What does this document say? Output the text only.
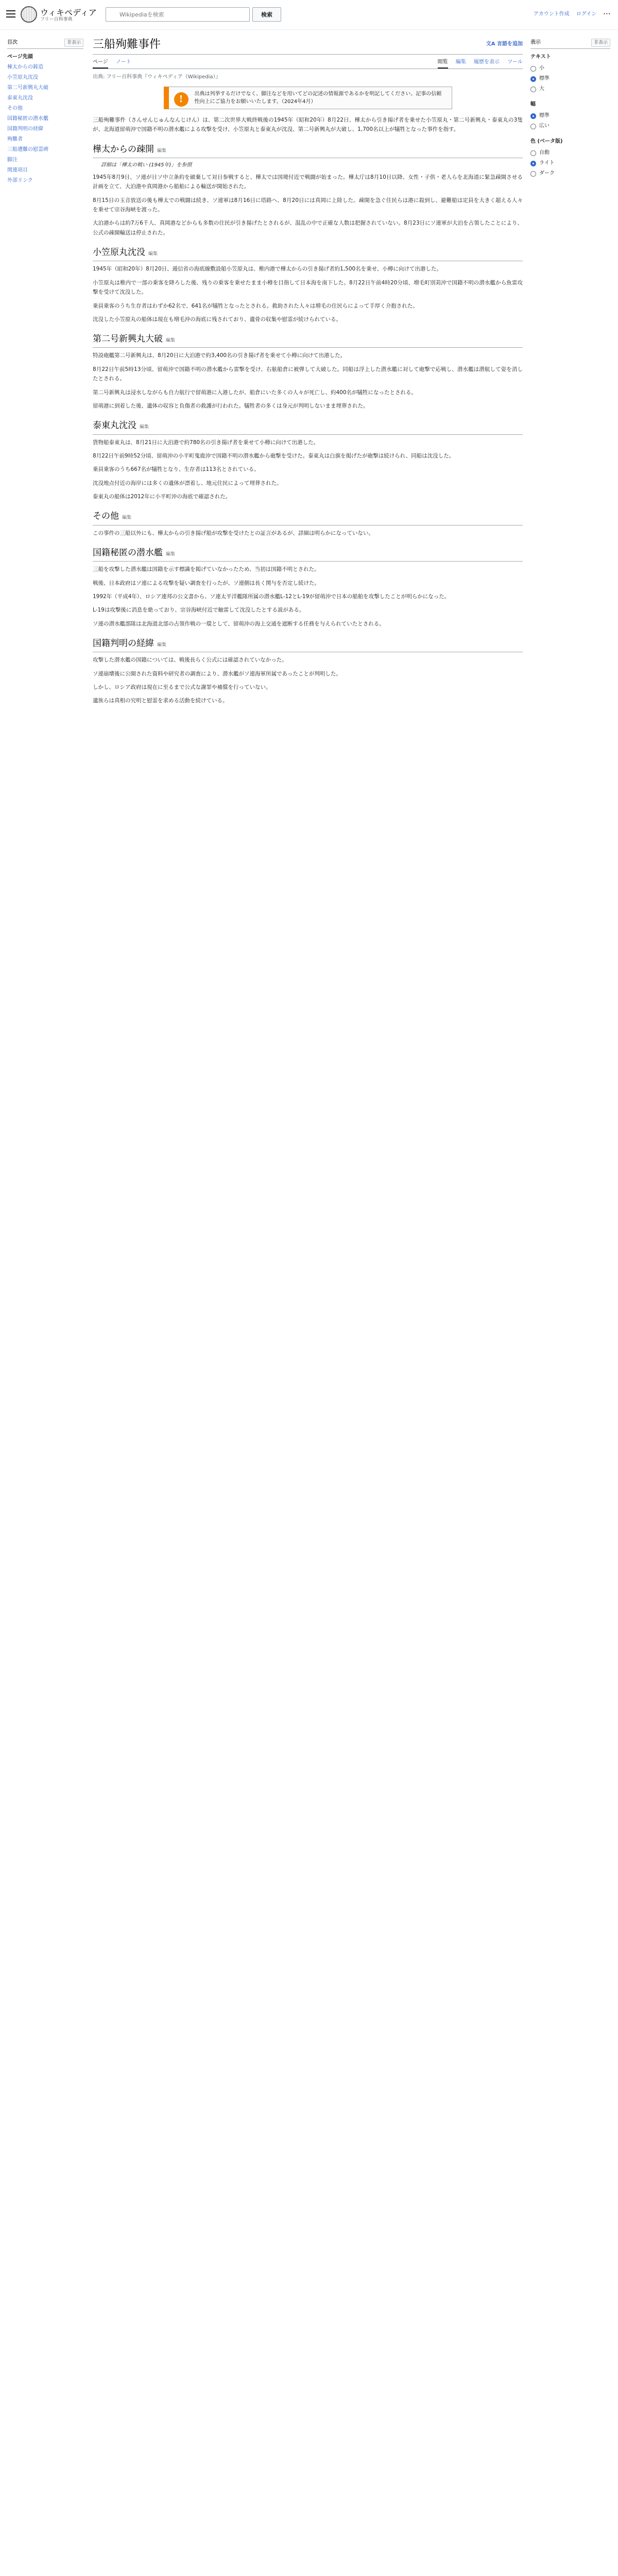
ウィキペディア
フリー百科事典
Wikipediaを検索
検索	アカウント作成 ログイン ···
目次	非表示
ページ先頭
棟太からの鋳造
小笠原丸沈没
第二号新興丸大破
泰東丸沈没
その他
国籍秘匿の潜水艦
国籍判明の経緯
殉難者
三船遭難の慰霊碑
脚注
関連項目
外部リンク
三船殉難事件	文A 言語を追加
ページ ノート	閲覧 編集 履歴を表示 ツール
出典: フリー百科事典『ウィキペディア（Wikipedia）』
!	出典は列挙するだけでなく、脚注などを用いてどの記述の情報源であるかを明記してください。記事の信頼性向上にご協力をお願いいたします。（2024年4月）

三船殉難事件（さんせんじゅんなんじけん）は、第二次世界大戦終戦後の1945年（昭和20年）8月22日、樺太から引き揚げ者を乗せた小笠原丸・第二号新興丸・泰東丸の3隻が、北海道留萌沖で国籍不明の潜水艦による攻撃を受け、小笠原丸と泰東丸が沈没、第二号新興丸が大破し、1,700名以上が犠牲となった事件を指す。

樺太からの疎開 編集
詳細は「樺太の戦い (1945年)」を参照

1945年8月9日、ソ連が日ソ中立条約を破棄して対日参戦すると、樺太では国境付近で戦闘が始まった。樺太庁は8月10日以降、女性・子供・老人らを北海道に緊急疎開させる計画を立て、大泊港や真岡港から船舶による輸送が開始された。

8月15日の玉音放送の後も樺太での戦闘は続き、ソ連軍は8月16日に塔路へ、8月20日には真岡に上陸した。疎開を急ぐ住民らは港に殺到し、避難船は定員を大きく超える人々を乗せて宗谷海峡を渡った。

大泊港からは約7万6千人、真岡港などからも多数の住民が引き揚げたとされるが、混乱の中で正確な人数は把握されていない。8月23日にソ連軍が大泊を占領したことにより、公式の疎開輸送は停止された。

小笠原丸沈没 編集

1945年（昭和20年）8月20日、逓信省の海底線敷設船小笠原丸は、稚内港で樺太からの引き揚げ者約1,500名を乗せ、小樽に向けて出港した。

小笠原丸は稚内で一部の乗客を降ろした後、残りの乗客を乗せたまま小樽を目指して日本海を南下した。8月22日午前4時20分頃、増毛町別苅沖で国籍不明の潜水艦から魚雷攻撃を受けて沈没した。

乗員乗客のうち生存者はわずか62名で、641名が犠牲となったとされる。救助された人々は増毛の住民らによって手厚く介抱された。

沈没した小笠原丸の船体は現在も増毛沖の海底に残されており、遺骨の収集や慰霊が続けられている。

第二号新興丸大破 編集

特設砲艦第二号新興丸は、8月20日に大泊港で約3,400名の引き揚げ者を乗せて小樽に向けて出港した。

8月22日午前5時13分頃、留萌沖で国籍不明の潜水艦から雷撃を受け、右舷船倉に被弾して大破した。同船は浮上した潜水艦に対して砲撃で応戦し、潜水艦は潜航して姿を消したとされる。

第二号新興丸は浸水しながらも自力航行で留萌港に入港したが、船倉にいた多くの人々が死亡し、約400名が犠牲になったとされる。

留萌港に到着した後、遺体の収容と負傷者の救護が行われた。犠牲者の多くは身元が判明しないまま埋葬された。

泰東丸沈没 編集

貨物船泰東丸は、8月21日に大泊港で約780名の引き揚げ者を乗せて小樽に向けて出港した。

8月22日午前9時52分頃、留萌沖の小平町鬼鹿沖で国籍不明の潜水艦から砲撃を受けた。泰東丸は白旗を掲げたが砲撃は続けられ、同船は沈没した。

乗員乗客のうち667名が犠牲となり、生存者は113名とされている。

沈没地点付近の海岸には多くの遺体が漂着し、地元住民によって埋葬された。

泰東丸の船体は2012年に小平町沖の海底で確認された。

その他 編集

この事件の三船以外にも、樺太からの引き揚げ船が攻撃を受けたとの証言があるが、詳細は明らかになっていない。

国籍秘匿の潜水艦 編集

三船を攻撃した潜水艦は国籍を示す標識を掲げていなかったため、当初は国籍不明とされた。

戦後、日本政府はソ連による攻撃を疑い調査を行ったが、ソ連側は長く関与を否定し続けた。

1992年（平成4年）、ロシア連邦の公文書から、ソ連太平洋艦隊所属の潜水艦L-12とL-19が留萌沖で日本の船舶を攻撃したことが明らかになった。

L-19は攻撃後に消息を絶っており、宗谷海峡付近で触雷して沈没したとする説がある。

ソ連の潜水艦部隊は北海道北部の占領作戦の一環として、留萌沖の海上交通を遮断する任務を与えられていたとされる。

国籍判明の経緯 編集

攻撃した潜水艦の国籍については、戦後長らく公式には確認されていなかった。

ソ連崩壊後に公開された資料や研究者の調査により、潜水艦がソ連海軍所属であったことが判明した。

しかし、ロシア政府は現在に至るまで公式な謝罪や補償を行っていない。

遺族らは真相の究明と慰霊を求める活動を続けている。

表示	非表示
テキスト
小
標準
大
幅
標準
広い
色 (ベータ版)
自動
ライト
ダーク
